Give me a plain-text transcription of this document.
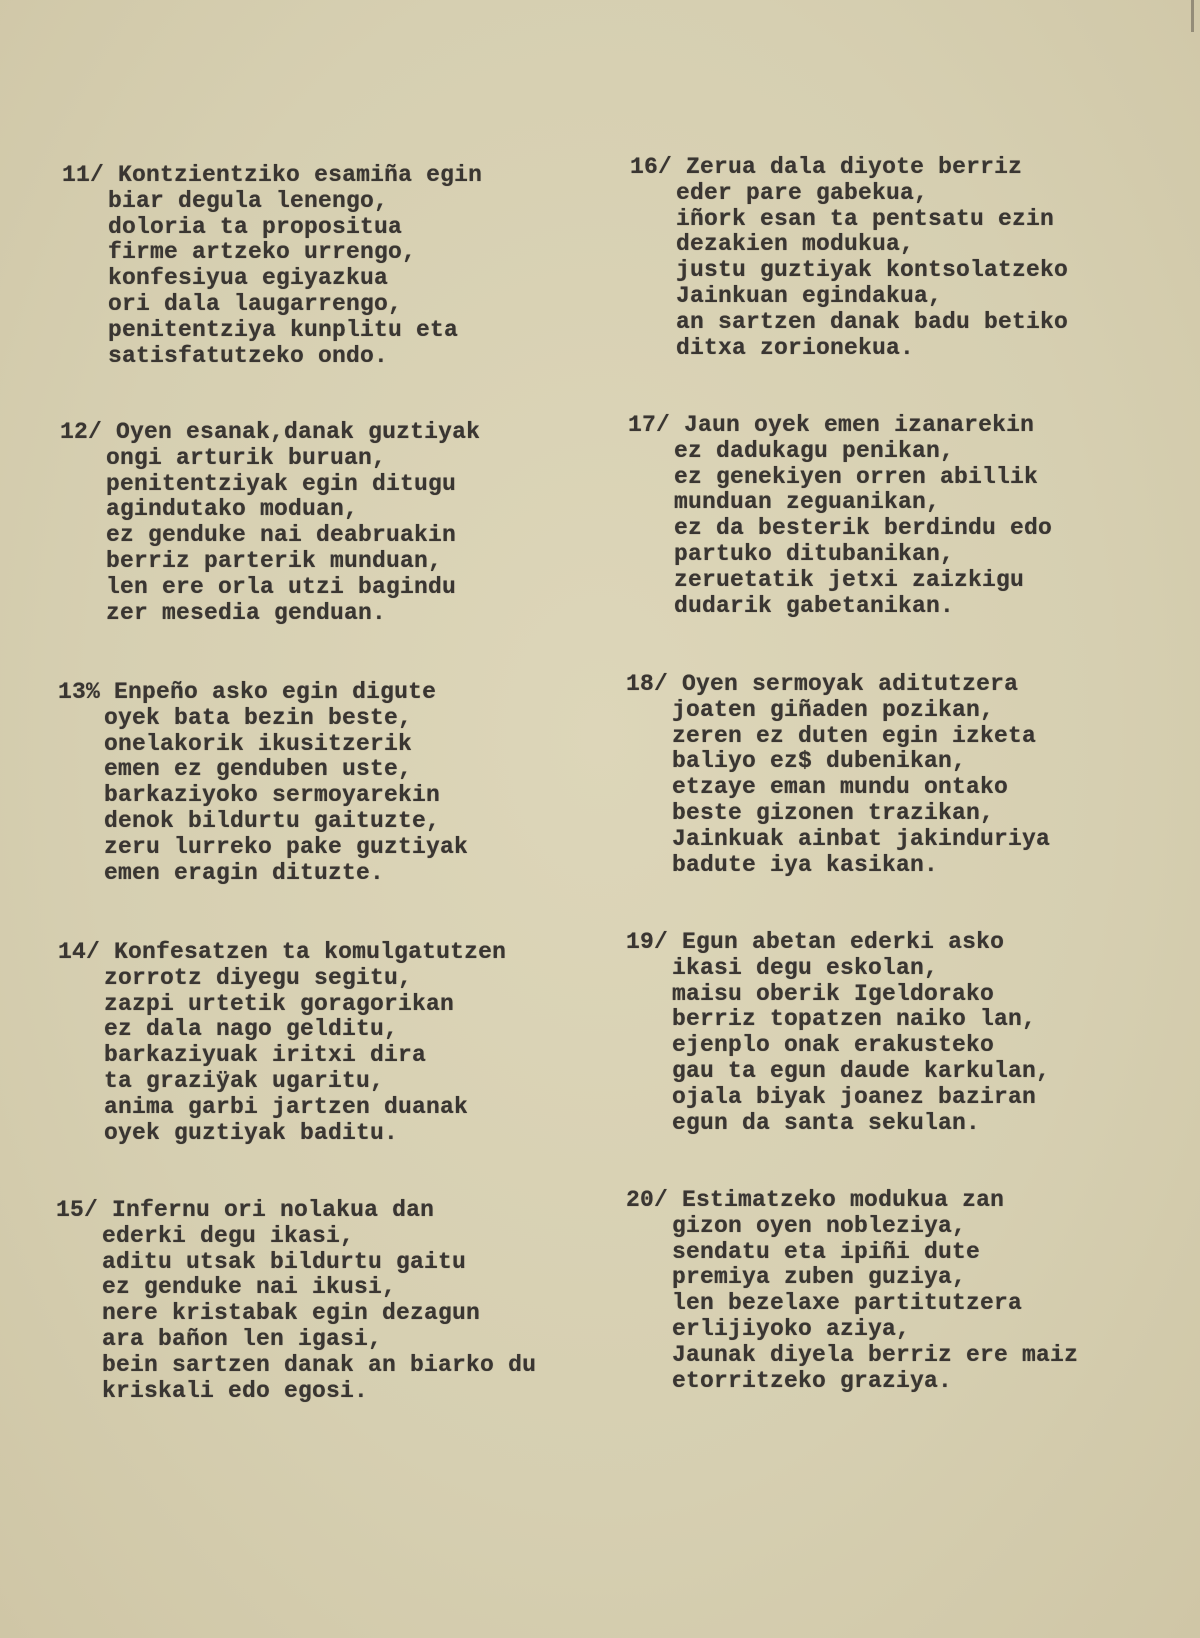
11/ Kontzientziko esamiña egin
biar degula lenengo,
doloria ta propositua
firme artzeko urrengo,
konfesiyua egiyazkua
ori dala laugarrengo,
penitentziya kunplitu eta
satisfatutzeko ondo.
12/ Oyen esanak,danak guztiyak
ongi arturik buruan,
penitentziyak egin ditugu
agindutako moduan,
ez genduke nai deabruakin
berriz parterik munduan,
len ere orla utzi bagindu
zer mesedia genduan.
13% Enpeño asko egin digute
oyek bata bezin beste,
onelakorik ikusitzerik
emen ez genduben uste,
barkaziyoko sermoyarekin
denok bildurtu gaituzte,
zeru lurreko pake guztiyak
emen eragin dituzte.
14/ Konfesatzen ta komulgatutzen
zorrotz diyegu segitu,
zazpi urtetik goragorikan
ez dala nago gelditu,
barkaziyuak iritxi dira
ta graziÿak ugaritu,
anima garbi jartzen duanak
oyek guztiyak baditu.
15/ Infernu ori nolakua dan
ederki degu ikasi,
aditu utsak bildurtu gaitu
ez genduke nai ikusi,
nere kristabak egin dezagun
ara bañon len igasi,
bein sartzen danak an biarko du
kriskali edo egosi.
16/ Zerua dala diyote berriz
eder pare gabekua,
iñork esan ta pentsatu ezin
dezakien modukua,
justu guztiyak kontsolatzeko
Jainkuan egindakua,
an sartzen danak badu betiko
ditxa zorionekua.
17/ Jaun oyek emen izanarekin
ez dadukagu penikan,
ez genekiyen orren abillik
munduan zeguanikan,
ez da besterik berdindu edo
partuko ditubanikan,
zeruetatik jetxi zaizkigu
dudarik gabetanikan.
18/ Oyen sermoyak aditutzera
joaten giñaden pozikan,
zeren ez duten egin izketa
baliyo ez$ dubenikan,
etzaye eman mundu ontako
beste gizonen trazikan,
Jainkuak ainbat jakinduriya
badute iya kasikan.
19/ Egun abetan ederki asko
ikasi degu eskolan,
maisu oberik Igeldorako
berriz topatzen naiko lan,
ejenplo onak erakusteko
gau ta egun daude karkulan,
ojala biyak joanez baziran
egun da santa sekulan.
20/ Estimatzeko modukua zan
gizon oyen nobleziya,
sendatu eta ipiñi dute
premiya zuben guziya,
len bezelaxe partitutzera
erlijiyoko aziya,
Jaunak diyela berriz ere maiz
etorritzeko graziya.
